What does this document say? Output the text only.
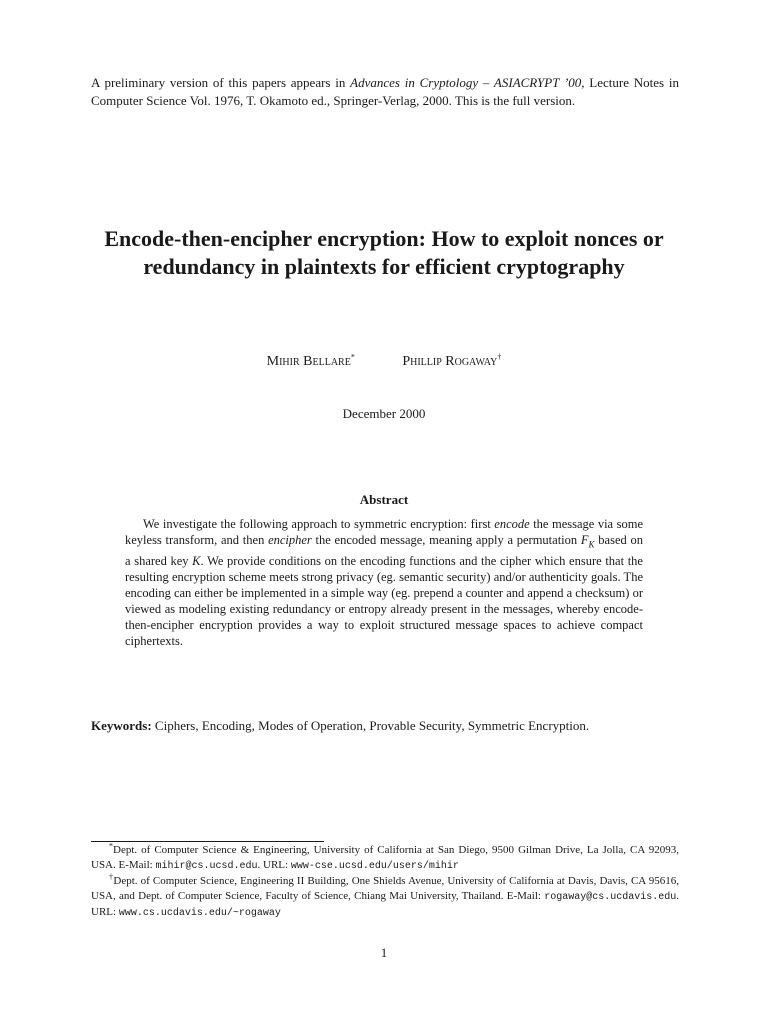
A preliminary version of this papers appears in Advances in Cryptology – ASIACRYPT ’00, Lecture Notes in Computer Science Vol. 1976, T. Okamoto ed., Springer-Verlag, 2000. This is the full version.
Encode-then-encipher encryption: How to exploit nonces or redundancy in plaintexts for efficient cryptography
Mihir Bellare*	Phillip Rogaway†
December 2000
Abstract
We investigate the following approach to symmetric encryption: first encode the message via some keyless transform, and then encipher the encoded message, meaning apply a permutation $F_K$ based on a shared key K. We provide conditions on the encoding functions and the cipher which ensure that the resulting encryption scheme meets strong privacy (eg. semantic security) and/or authenticity goals. The encoding can either be implemented in a simple way (eg. prepend a counter and append a checksum) or viewed as modeling existing redundancy or entropy already present in the messages, whereby encode-then-encipher encryption provides a way to exploit structured message spaces to achieve compact ciphertexts.
Keywords: Ciphers, Encoding, Modes of Operation, Provable Security, Symmetric Encryption.

*Dept. of Computer Science & Engineering, University of California at San Diego, 9500 Gilman Drive, La Jolla, CA 92093, USA. E-Mail: mihir@cs.ucsd.edu. URL: www-cse.ucsd.edu/users/mihir

†Dept. of Computer Science, Engineering II Building, One Shields Avenue, University of California at Davis, Davis, CA 95616, USA, and Dept. of Computer Science, Faculty of Science, Chiang Mai University, Thailand. E-Mail: rogaway@cs.ucdavis.edu. URL: www.cs.ucdavis.edu/~rogaway

1
